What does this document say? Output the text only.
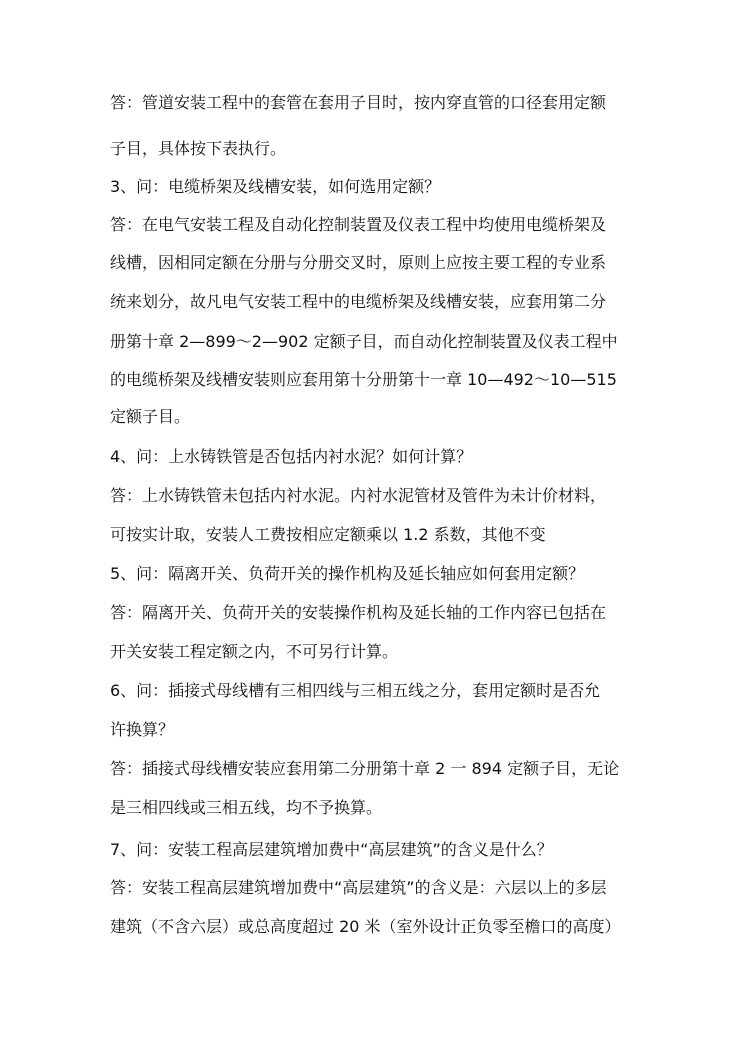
答：管道安装工程中的套管在套用子目时，按内穿直管的口径套用定额
子目，具体按下表执行。
3、问：电缆桥架及线槽安装，如何选用定额？
答：在电气安装工程及自动化控制装置及仪表工程中均使用电缆桥架及
线槽，因相同定额在分册与分册交叉时，原则上应按主要工程的专业系
统来划分，故凡电气安装工程中的电缆桥架及线槽安装，应套用第二分
册第十章 2—899～2—902 定额子目，而自动化控制装置及仪表工程中
的电缆桥架及线槽安装则应套用第十分册第十一章 10—492～10—515
定额子目。
4、问：上水铸铁管是否包括内衬水泥？如何计算？
答：上水铸铁管未包括内衬水泥。内衬水泥管材及管件为未计价材料，
可按实计取，安装人工费按相应定额乘以 1.2 系数，其他不变
5、问：隔离开关、负荷开关的操作机构及延长轴应如何套用定额？
答：隔离开关、负荷开关的安装操作机构及延长轴的工作内容已包括在
开关安装工程定额之内，不可另行计算。
6、问：插接式母线槽有三相四线与三相五线之分，套用定额时是否允
许换算？
答：插接式母线槽安装应套用第二分册第十章 2 一 894 定额子目，无论
是三相四线或三相五线，均不予换算。
7、问：安装工程高层建筑增加费中“高层建筑”的含义是什么？
答：安装工程高层建筑增加费中“高层建筑”的含义是：六层以上的多层
建筑（不含六层）或总高度超过 20 米（室外设计正负零至檐口的高度）
